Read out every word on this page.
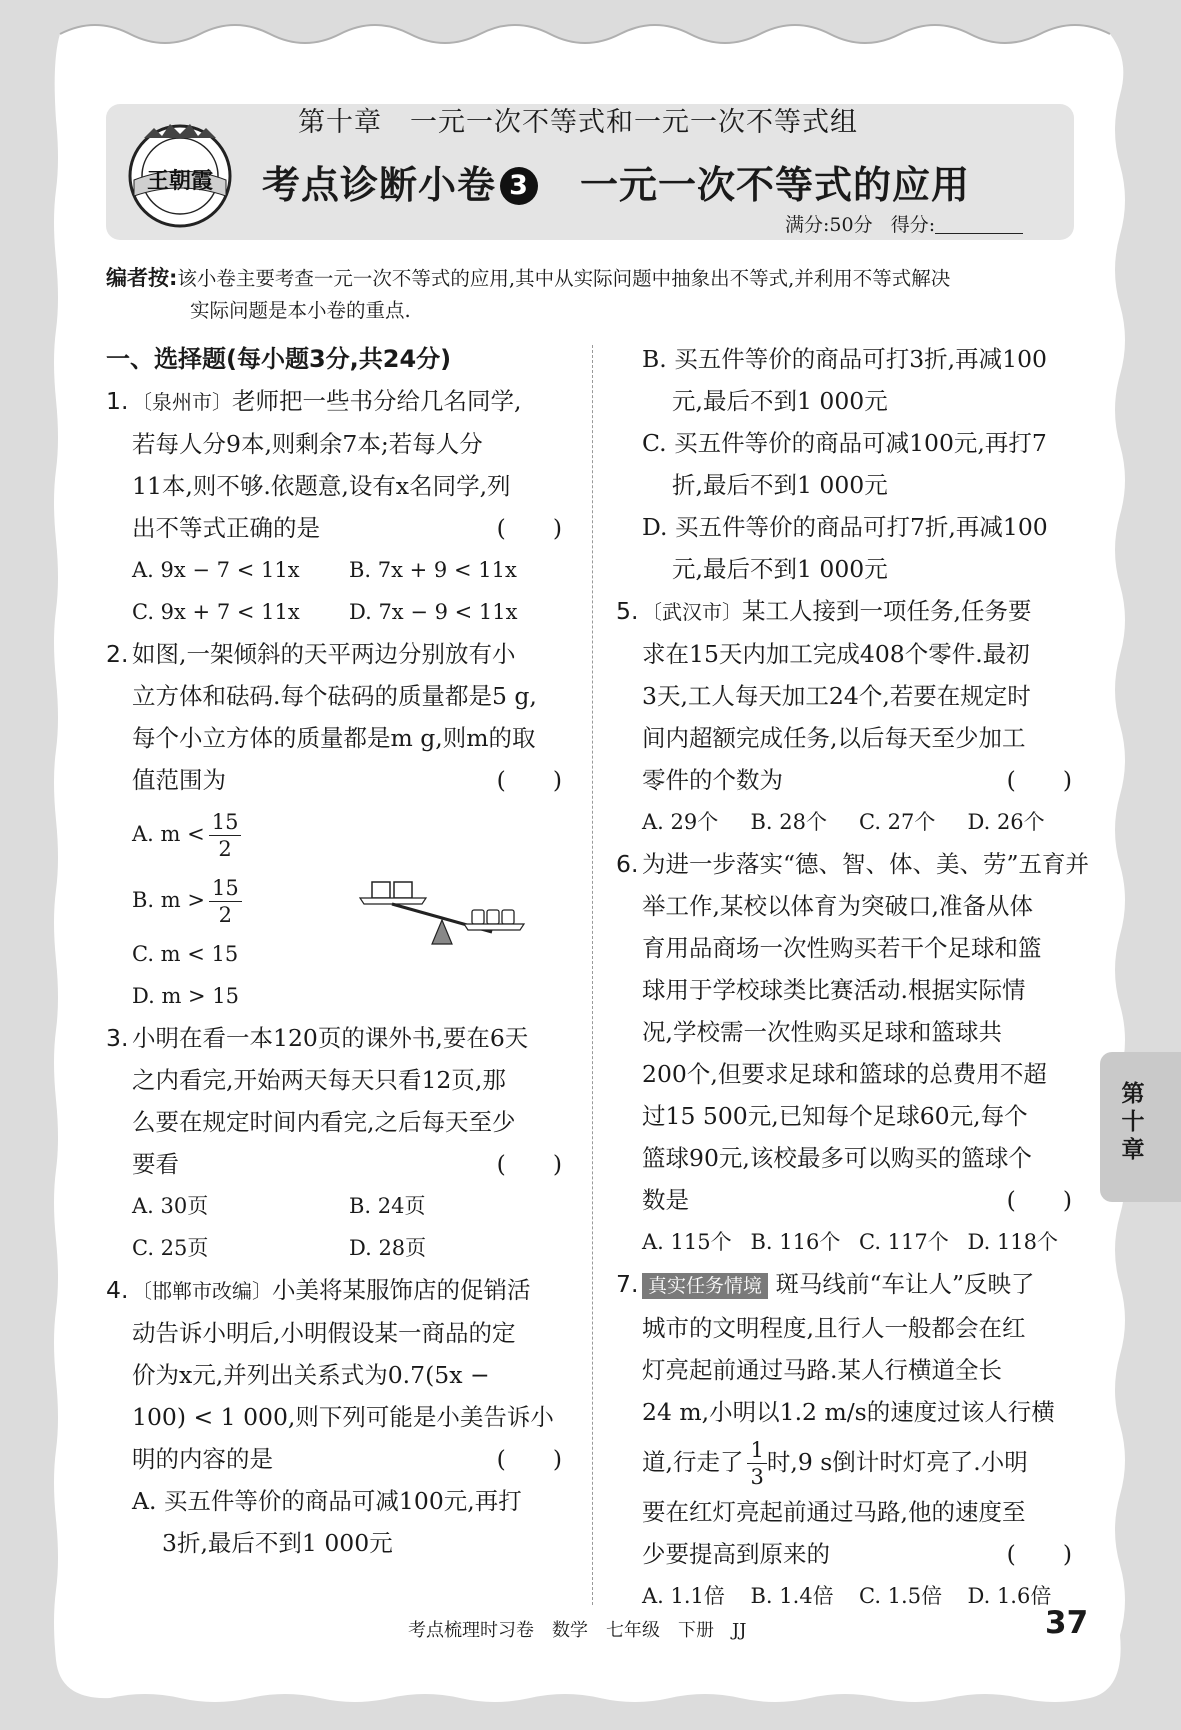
王朝霞
第十章 一元一次不等式和一元一次不等式组
考点诊断小卷 3 一元一次不等式的应用
满分:50分 得分:
编者按:该小卷主要考查一元一次不等式的应用,其中从实际问题中抽象出不等式,并利用不等式解决
实际问题是本小卷的重点.

一、选择题(每小题3分,共24分)

1. 〔泉州市〕老师把一些书分给几名同学,

若每人分9本,则剩余7本;若每人分

11本,则不够.依题意,设有x名同学,列

出不等式正确的是	(　　)

A. 9x − 7 < 11x	B. 7x + 9 < 11x

C. 9x + 7 < 11x	D. 7x − 9 < 11x

2. 如图,一架倾斜的天平两边分别放有小

立方体和砝码.每个砝码的质量都是5 g,

每个小立方体的质量都是m g,则m的取

值范围为	(　　)

A. $m < \frac{15}{2}$

B. $m > \frac{15}{2}$

C. m < 15

D. m > 15

3. 小明在看一本120页的课外书,要在6天

之内看完,开始两天每天只看12页,那

么要在规定时间内看完,之后每天至少

要看	(　　)

A. 30页	B. 24页

C. 25页	D. 28页

4. 〔邯郸市改编〕小美将某服饰店的促销活

动告诉小明后,小明假设某一商品的定

价为x元,并列出关系式为0.7(5x −

100) < 1 000,则下列可能是小美告诉小

明的内容的是	(　　)

A. 买五件等价的商品可减100元,再打

3折,最后不到1 000元

B. 买五件等价的商品可打3折,再减100

元,最后不到1 000元

C. 买五件等价的商品可减100元,再打7

折,最后不到1 000元

D. 买五件等价的商品可打7折,再减100

元,最后不到1 000元

5. 〔武汉市〕某工人接到一项任务,任务要

求在15天内加工完成408个零件.最初

3天,工人每天加工24个,若要在规定时

间内超额完成任务,以后每天至少加工

零件的个数为	(　　)

A. 29个	B. 28个	C. 27个	D. 26个

6. 为进一步落实“德、智、体、美、劳”五育并

举工作,某校以体育为突破口,准备从体

育用品商场一次性购买若干个足球和篮

球用于学校球类比赛活动.根据实际情

况,学校需一次性购买足球和篮球共

200个,但要求足球和篮球的总费用不超

过15 500元,已知每个足球60元,每个

篮球90元,该校最多可以购买的篮球个

数是	(　　)

A. 115个 B. 116个 C. 117个 D. 118个

7. 真实任务情境 斑马线前“车让人”反映了

城市的文明程度,且行人一般都会在红

灯亮起前通过马路.某人行横道全长

24 m,小明以1.2 m/s的速度过该人行横

道,行走了 $\frac{1}{3}$ 时,9 s倒计时灯亮了.小明

要在红灯亮起前通过马路,他的速度至

少要提高到原来的	(　　)

A. 1.1倍	B. 1.4倍	C. 1.5倍	D. 1.6倍

第十章
考点梳理时习卷 数学 七年级 下册 JJ	37
